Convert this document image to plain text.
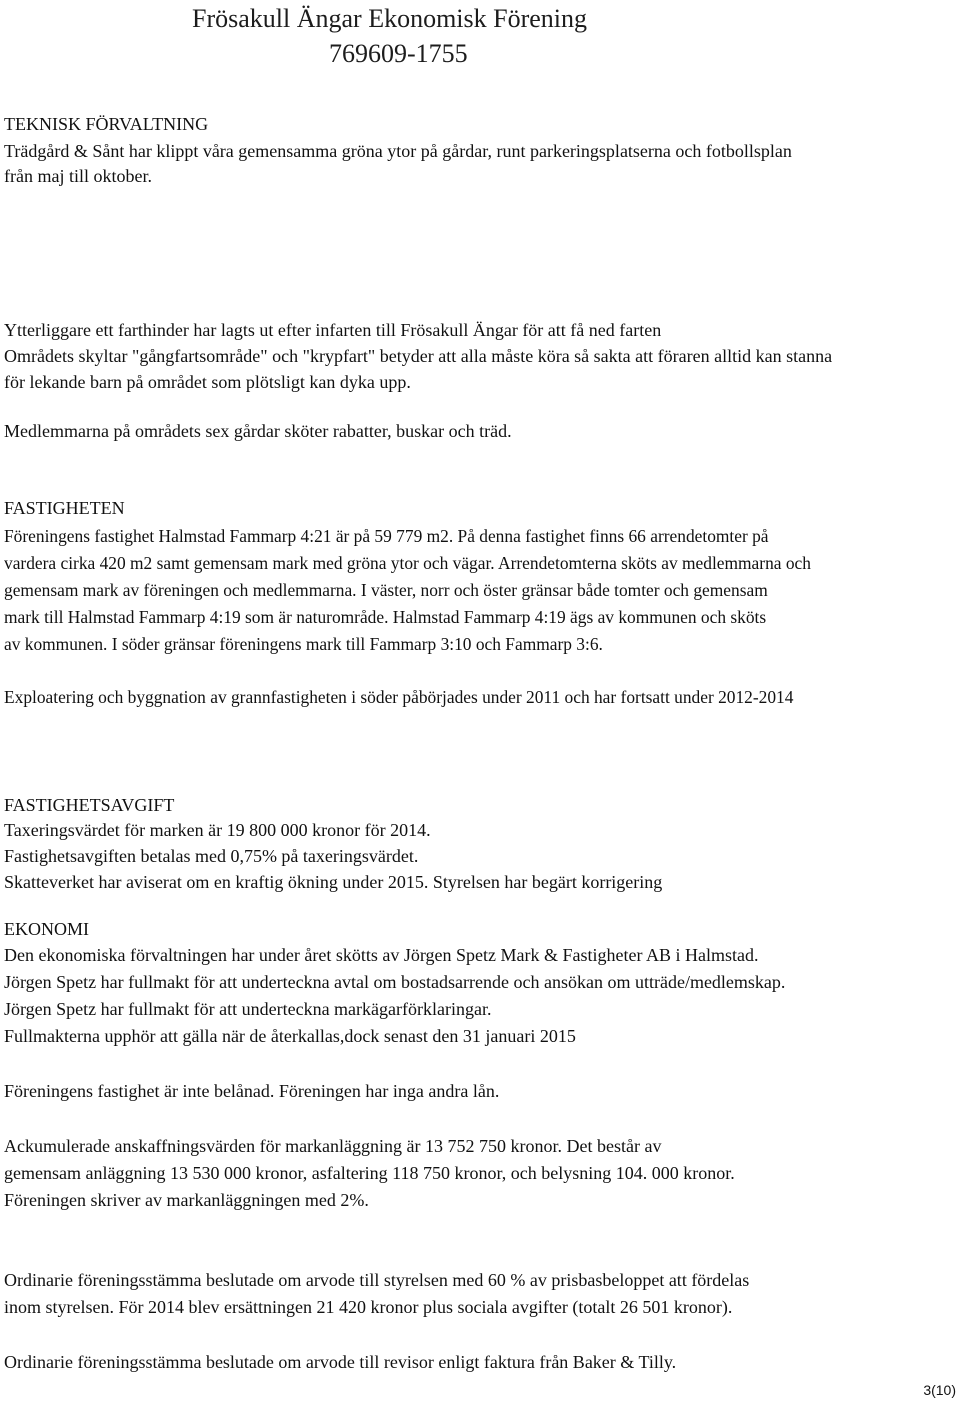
Frösakull Ängar Ekonomisk Förening
769609-1755
TEKNISK FÖRVALTNING
Trädgård & Sånt har klippt våra gemensamma gröna ytor på gårdar, runt parkeringsplatserna och fotbollsplan
från maj till oktober.
Ytterliggare ett farthinder har lagts ut efter infarten till Frösakull Ängar för att få ned farten
Områdets skyltar "gångfartsområde" och "krypfart" betyder att alla måste köra så sakta att föraren alltid kan stanna
för lekande barn på området som plötsligt kan dyka upp.
Medlemmarna på områdets sex gårdar sköter rabatter, buskar och träd.
FASTIGHETEN
Föreningens fastighet Halmstad Fammarp 4:21 är på 59 779 m2. På denna fastighet finns 66 arrendetomter på
vardera cirka 420 m2 samt gemensam mark med gröna ytor och vägar. Arrendetomterna sköts av medlemmarna och
gemensam mark av föreningen och medlemmarna. I väster, norr och öster gränsar både tomter och gemensam
mark till Halmstad Fammarp 4:19 som är naturområde. Halmstad Fammarp 4:19 ägs av kommunen och sköts
av kommunen. I söder gränsar föreningens mark till Fammarp 3:10 och Fammarp 3:6.
Exploatering och byggnation av grannfastigheten i söder påbörjades under 2011 och har fortsatt under 2012-2014
FASTIGHETSAVGIFT
Taxeringsvärdet för marken är 19 800 000 kronor för 2014.
Fastighetsavgiften betalas med 0,75% på taxeringsvärdet.
Skatteverket har aviserat om en kraftig ökning under 2015. Styrelsen har begärt korrigering
EKONOMI
Den ekonomiska förvaltningen har under året skötts av Jörgen Spetz Mark & Fastigheter AB i Halmstad.
Jörgen Spetz har fullmakt för att underteckna avtal om bostadsarrende och ansökan om utträde/medlemskap.
Jörgen Spetz har fullmakt för att underteckna markägarförklaringar.
Fullmakterna upphör att gälla när de återkallas,dock senast den 31 januari 2015
Föreningens fastighet är inte belånad. Föreningen har inga andra lån.
Ackumulerade anskaffningsvärden för markanläggning är 13 752 750 kronor. Det består av
gemensam anläggning 13 530 000 kronor, asfaltering 118 750 kronor, och belysning 104. 000 kronor.
Föreningen skriver av markanläggningen med 2%.
Ordinarie föreningsstämma beslutade om arvode till styrelsen med 60 % av prisbasbeloppet att fördelas
inom styrelsen. För 2014 blev ersättningen 21 420 kronor plus sociala avgifter (totalt 26 501 kronor).
Ordinarie föreningsstämma beslutade om arvode till revisor enligt faktura från Baker & Tilly.
3(10)
